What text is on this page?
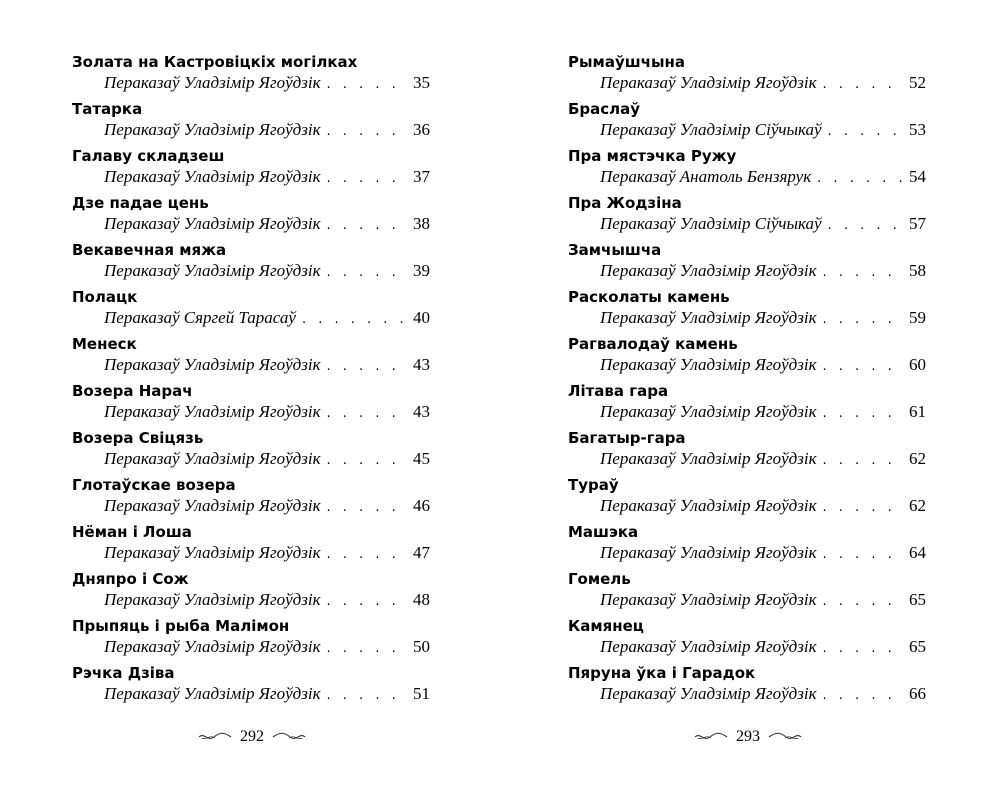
Золата на Кастровіцкіх могілках
Пераказаў Уладзімір Ягоўдзік . . .	35
Татарка
Пераказаў Уладзімір Ягоўдзік . . .	36
Галаву складзеш
Пераказаў Уладзімір Ягоўдзік . . .	37
Дзе падае цень
Пераказаў Уладзімір Ягоўдзік . . .	38
Векавечная мяжа
Пераказаў Уладзімір Ягоўдзік . . .	39
Полацк
Пераказаў Сяргей Тарасаў . . .	40
Менеск
Пераказаў Уладзімір Ягоўдзік . . .	43
Возера Нарач
Пераказаў Уладзімір Ягоўдзік . . .	43
Возера Свіцязь
Пераказаў Уладзімір Ягоўдзік . . .	45
Глотаўскае возера
Пераказаў Уладзімір Ягоўдзік . . .	46
Нёман і Лоша
Пераказаў Уладзімір Ягоўдзік . . .	47
Дняпро і Сож
Пераказаў Уладзімір Ягоўдзік . . .	48
Прыпяць і рыба Малімон
Пераказаў Уладзімір Ягоўдзік . . .	50
Рэчка Дзіва
Пераказаў Уладзімір Ягоўдзік . . .	51
Рымаўшчына
Пераказаў Уладзімір Ягоўдзік . . .	52
Браслаў
Пераказаў Уладзімір Сіўчыкаў . . .	53
Пра мястэчка Ружу
Пераказаў Анатоль Бензярук . . .	54
Пра Жодзіна
Пераказаў Уладзімір Сіўчыкаў . . .	57
Замчышча
Пераказаў Уладзімір Ягоўдзік . . .	58
Расколаты камень
Пераказаў Уладзімір Ягоўдзік . . .	59
Рагвалодаў камень
Пераказаў Уладзімір Ягоўдзік . . .	60
Літава гара
Пераказаў Уладзімір Ягоўдзік . . .	61
Багатыр-гара
Пераказаў Уладзімір Ягоўдзік . . .	62
Тураў
Пераказаў Уладзімір Ягоўдзік . . .	62
Машэка
Пераказаў Уладзімір Ягоўдзік . . .	64
Гомель
Пераказаў Уладзімір Ягоўдзік . . .	65
Камянец
Пераказаў Уладзімір Ягоўдзік . . .	65
Пяруна ўка і Гарадок
Пераказаў Уладзімір Ягоўдзік . . .	66
292	293
